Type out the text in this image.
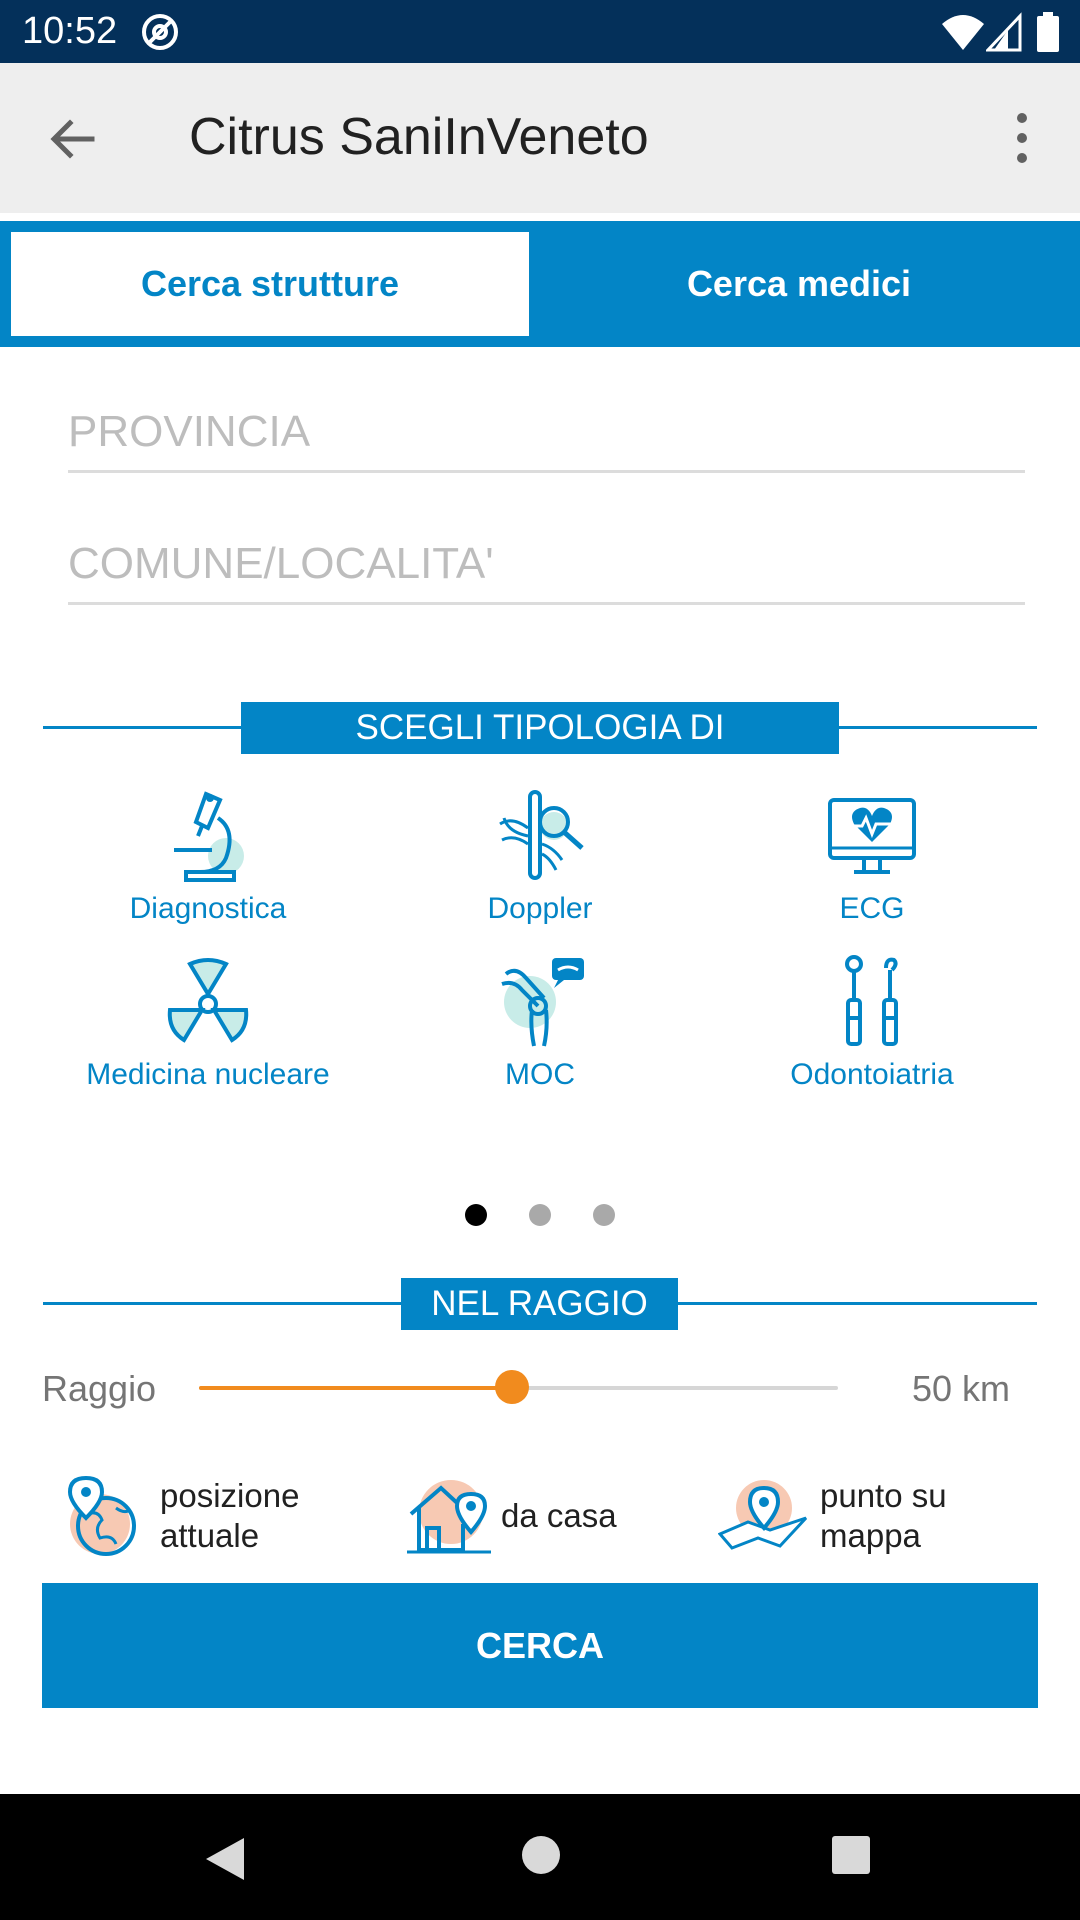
10:52
Citrus SaniInVeneto
Cerca strutture	Cerca medici
PROVINCIA
COMUNE/LOCALITA'
SCEGLI TIPOLOGIA DI STRUTTURA
Diagnostica	Doppler	ECG
Medicina nucleare	MOC	Odontoiatria
NEL RAGGIO DI
Raggio	50 km
posizione
attuale
da casa
punto su
mappa
CERCA
